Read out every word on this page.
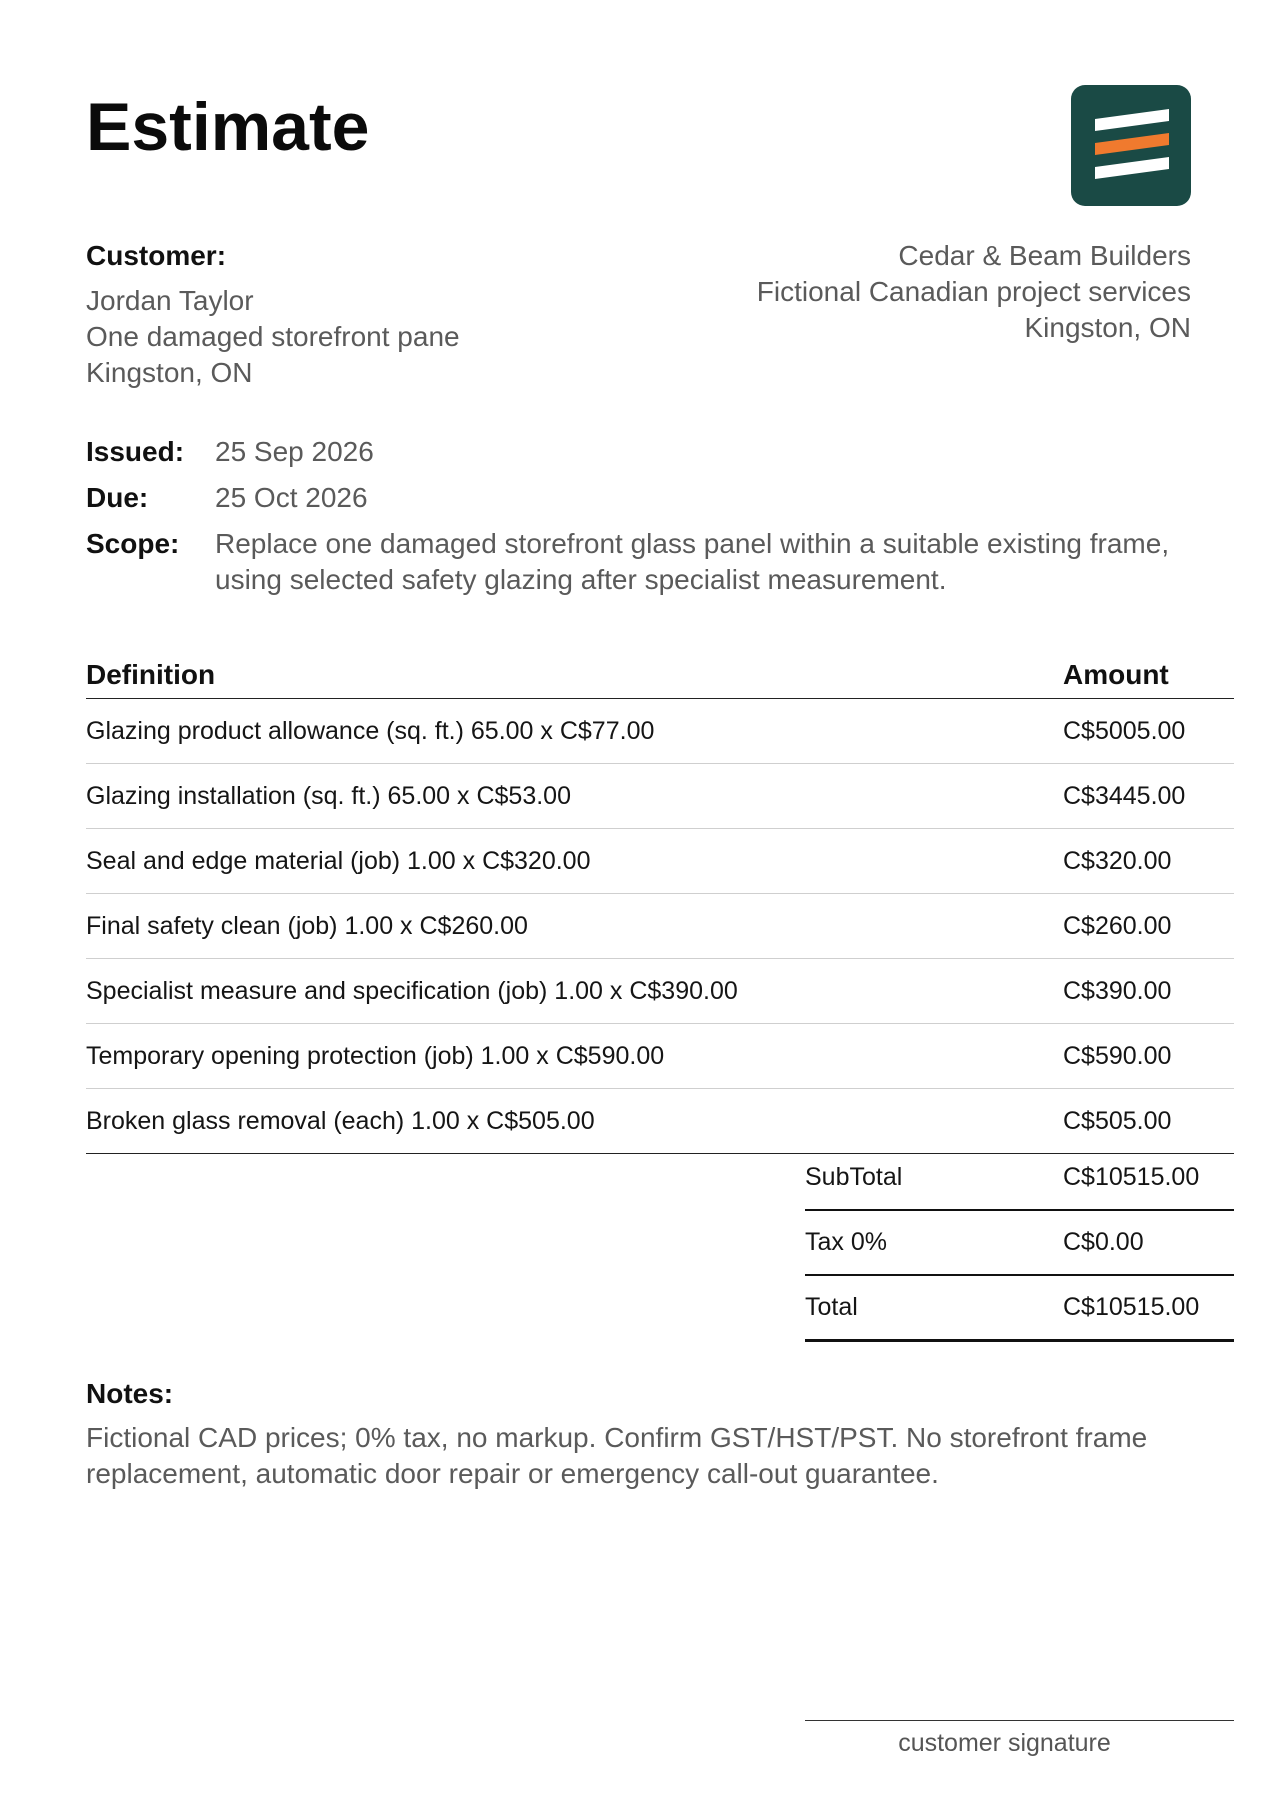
Estimate
Customer:
Jordan Taylor
One damaged storefront pane
Kingston, ON
Cedar & Beam Builders
Fictional Canadian project services
Kingston, ON
Issued:	25 Sep 2026
Due:	25 Oct 2026
Scope:	Replace one damaged storefront glass panel within a suitable existing frame, using selected safety glazing after specialist measurement.
Definition	Amount
Glazing product allowance (sq. ft.) 65.00 x C$77.00	C$5005.00
Glazing installation (sq. ft.) 65.00 x C$53.00	C$3445.00
Seal and edge material (job) 1.00 x C$320.00	C$320.00
Final safety clean (job) 1.00 x C$260.00	C$260.00
Specialist measure and specification (job) 1.00 x C$390.00	C$390.00
Temporary opening protection (job) 1.00 x C$590.00	C$590.00
Broken glass removal (each) 1.00 x C$505.00	C$505.00
SubTotal	C$10515.00
Tax 0%	C$0.00
Total	C$10515.00
Notes:
Fictional CAD prices; 0% tax, no markup. Confirm GST/HST/PST. No storefront frame replacement, automatic door repair or emergency call-out guarantee.
customer signature
